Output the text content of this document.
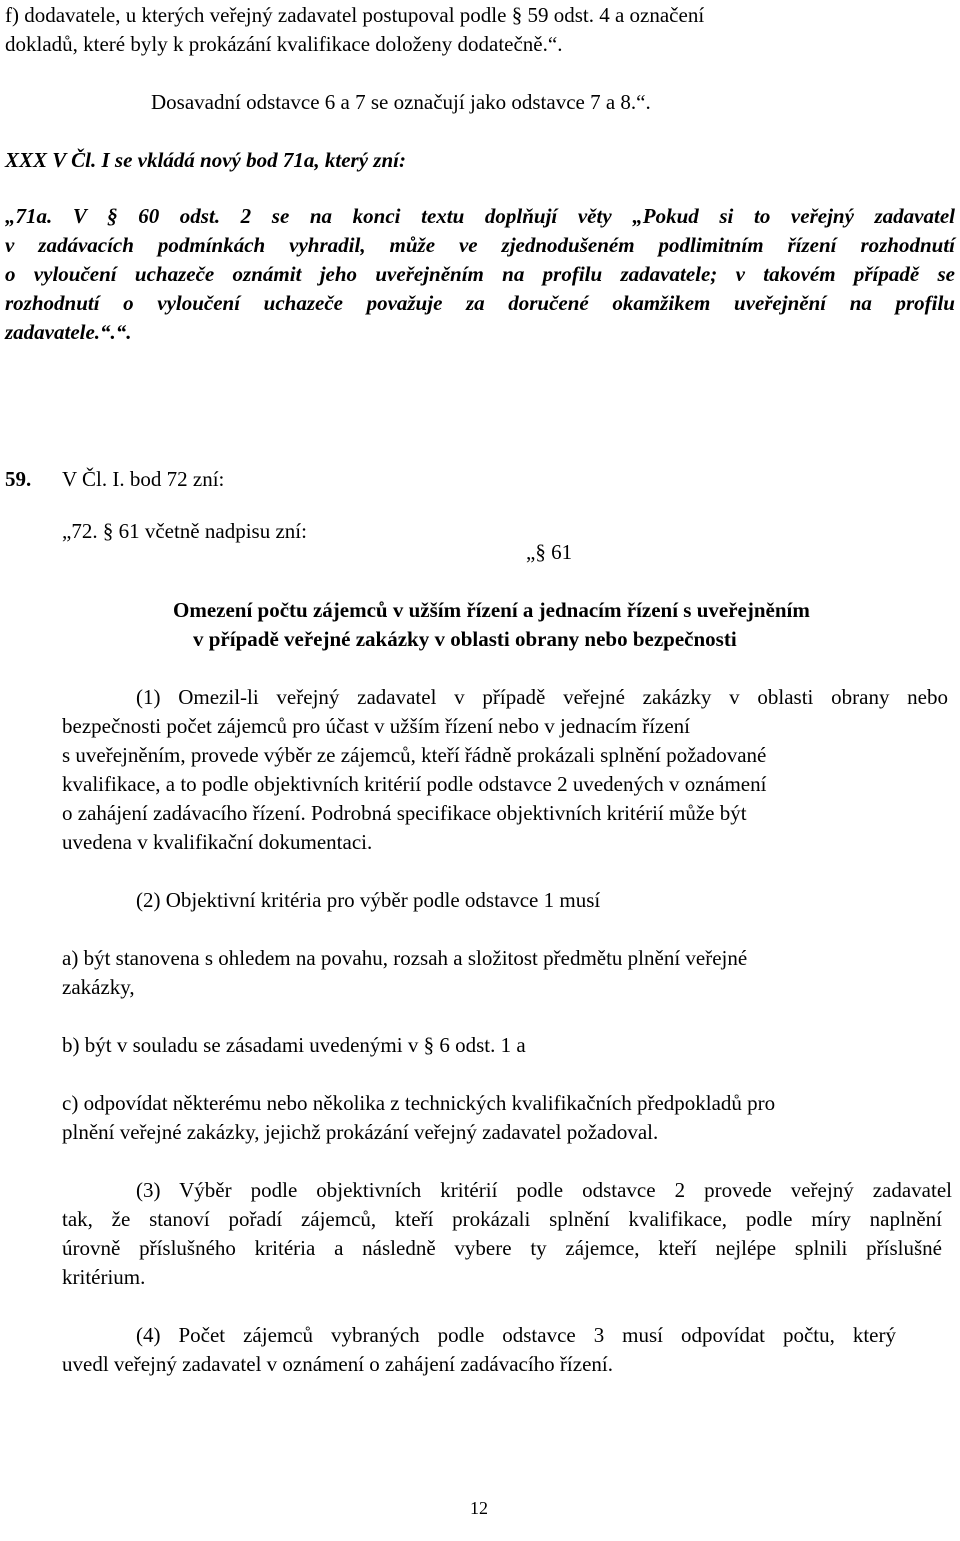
f) dodavatele, u kterých veřejný zadavatel postupoval podle § 59 odst. 4 a označení
dokladů, které byly k prokázání kvalifikace doloženy dodatečně.“.
Dosavadní odstavce 6 a 7 se označují jako odstavce 7 a 8.“.
XXX V Čl. I se vkládá nový bod 71a, který zní:
„71a. V § 60 odst. 2 se na konci textu doplňují věty „Pokud si to veřejný zadavatel
v zadávacích podmínkách vyhradil, může ve zjednodušeném podlimitním řízení rozhodnutí
o vyloučení uchazeče oznámit jeho uveřejněním na profilu zadavatele; v takovém případě se
rozhodnutí o vyloučení uchazeče považuje za doručené okamžikem uveřejnění na profilu
zadavatele.“.“.
59. V Čl. I. bod 72 zní:
„72. § 61 včetně nadpisu zní:
„§ 61
Omezení počtu zájemců v užším řízení a jednacím řízení s uveřejněním
v případě veřejné zakázky v oblasti obrany nebo bezpečnosti
(1) Omezil-li veřejný zadavatel v případě veřejné zakázky v oblasti obrany nebo
bezpečnosti počet zájemců pro účast v užším řízení nebo v jednacím řízení
s uveřejněním, provede výběr ze zájemců, kteří řádně prokázali splnění požadované
kvalifikace, a to podle objektivních kritérií podle odstavce 2 uvedených v oznámení
o zahájení zadávacího řízení. Podrobná specifikace objektivních kritérií může být
uvedena v kvalifikační dokumentaci.
(2) Objektivní kritéria pro výběr podle odstavce 1 musí
a) být stanovena s ohledem na povahu, rozsah a složitost předmětu plnění veřejné
zakázky,
b) být v souladu se zásadami uvedenými v § 6 odst. 1 a
c) odpovídat některému nebo několika z technických kvalifikačních předpokladů pro
plnění veřejné zakázky, jejichž prokázání veřejný zadavatel požadoval.
(3) Výběr podle objektivních kritérií podle odstavce 2 provede veřejný zadavatel
tak, že stanoví pořadí zájemců, kteří prokázali splnění kvalifikace, podle míry naplnění
úrovně příslušného kritéria a následně vybere ty zájemce, kteří nejlépe splnili příslušné
kritérium.
(4) Počet zájemců vybraných podle odstavce 3 musí odpovídat počtu, který
uvedl veřejný zadavatel v oznámení o zahájení zadávacího řízení.
12
